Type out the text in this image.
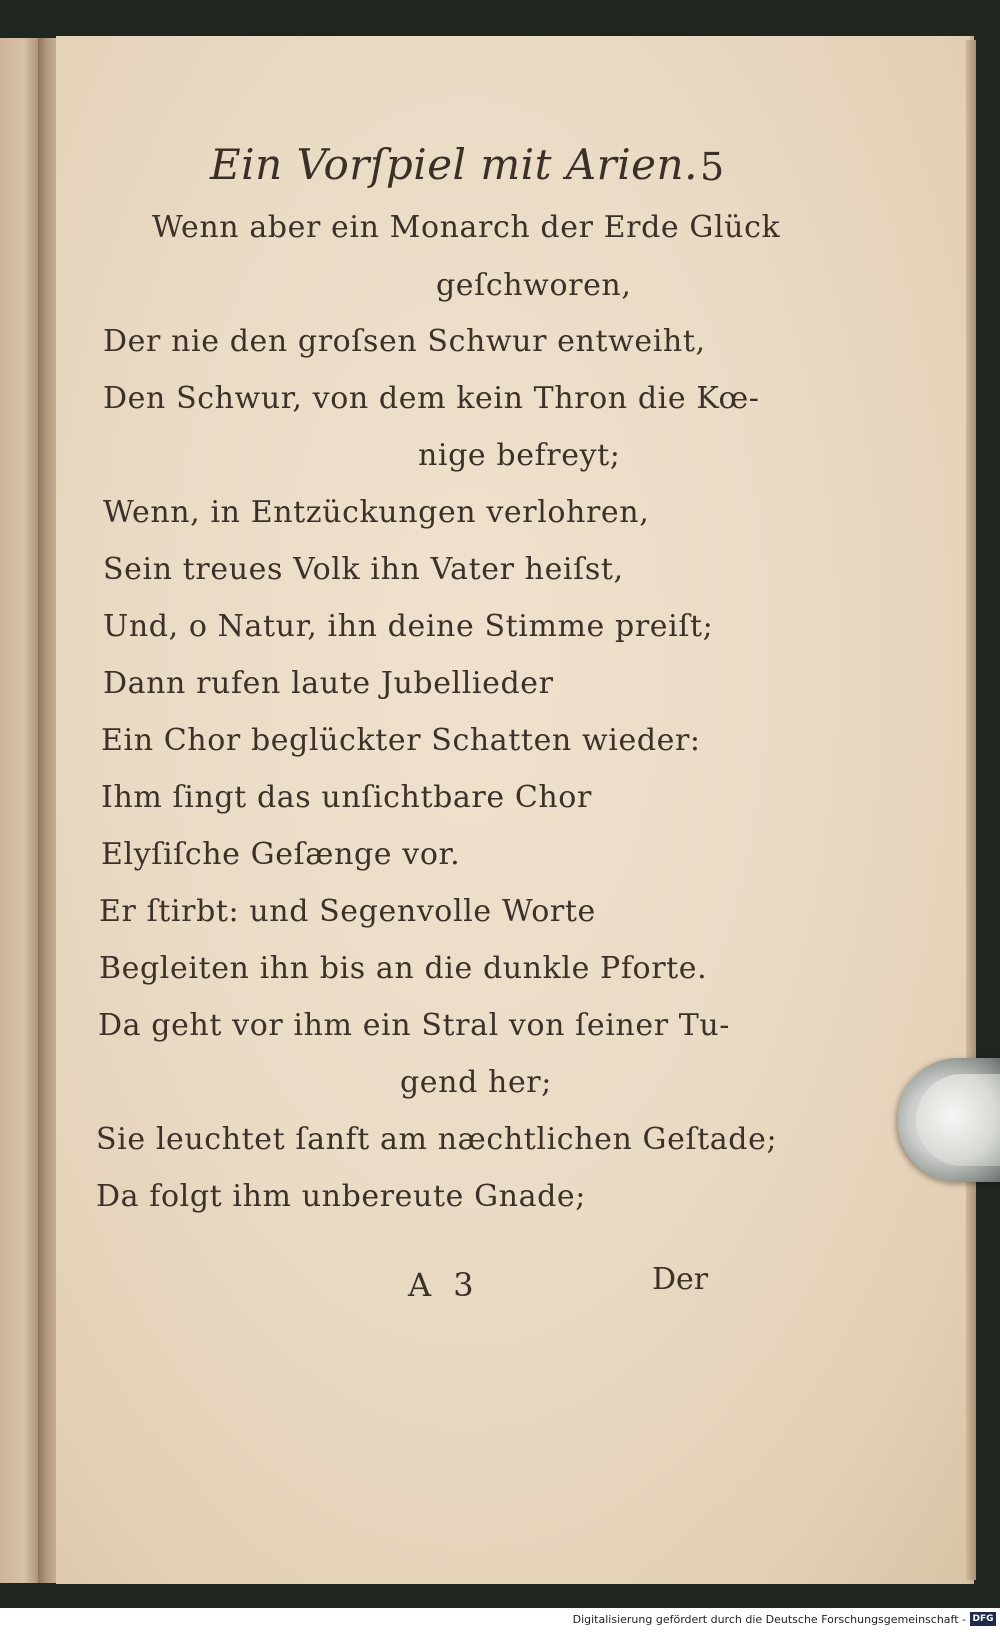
Ein Vorſpiel mit Arien. 5
Wenn aber ein Monarch der Erde Glück
geſchworen,
Der nie den groſsen Schwur entweiht,
Den Schwur, von dem kein Thron die Kœ-
nige befreyt;
Wenn, in Entzückungen verlohren,
Sein treues Volk ihn Vater heiſst,
Und, o Natur, ihn deine Stimme preiſt;
Dann rufen laute Jubellieder
Ein Chor beglückter Schatten wieder:
Ihm ſingt das unſichtbare Chor
Elyſiſche Geſænge vor.
Er ſtirbt: und Segenvolle Worte
Begleiten ihn bis an die dunkle Pforte.
Da geht vor ihm ein Stral von ſeiner Tu-
gend her;
Sie leuchtet ſanft am næchtlichen Geſtade;
Da folgt ihm unbereute Gnade;
A 3	Der
Digitalisierung gefördert durch die Deutsche Forschungsgemeinschaft - DFG
